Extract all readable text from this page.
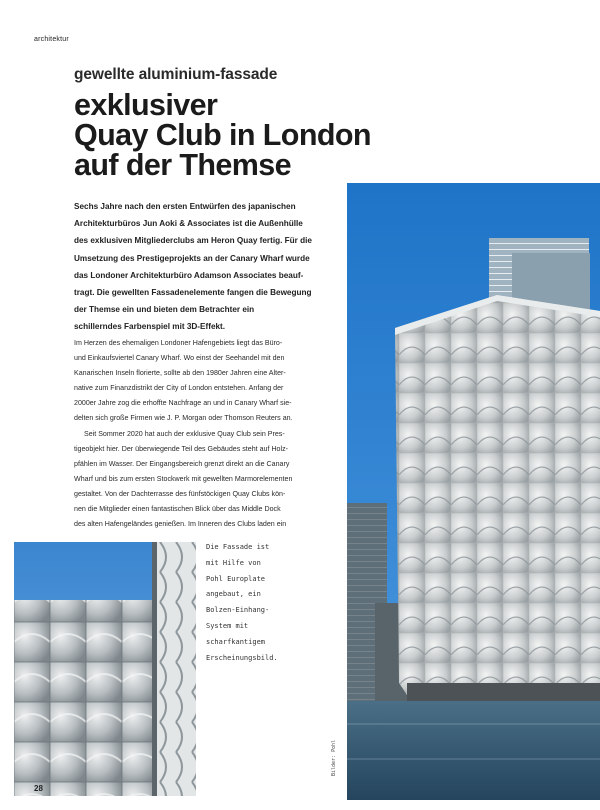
architektur
gewellte aluminium-fassade
exklusiver
Quay Club in London
auf der Themse

Sechs Jahre nach den ersten Entwürfen des japanischen
Architekturbüros Jun Aoki & Associates ist die Außenhülle
des exklusiven Mitgliederclubs am Heron Quay fertig. Für die
Umsetzung des Prestigeprojekts an der Canary Wharf wurde
das Londoner Architekturbüro Adamson Associates beauf-
tragt. Die gewellten Fassadenelemente fangen die Bewegung
der Themse ein und bieten dem Betrachter ein
schillerndes Farbenspiel mit 3D-Effekt.

Im Herzen des ehemaligen Londoner Hafengebiets liegt das Büro-
und Einkaufsviertel Canary Wharf. Wo einst der Seehandel mit den
Kanarischen Inseln florierte, sollte ab den 1980er Jahren eine Alter-
native zum Finanzdistrikt der City of London entstehen. Anfang der
2000er Jahre zog die erhoffte Nachfrage an und in Canary Wharf sie-
delten sich große Firmen wie J. P. Morgan oder Thomson Reuters an.
Seit Sommer 2020 hat auch der exklusive Quay Club sein Pres-
tigeobjekt hier. Der überwiegende Teil des Gebäudes steht auf Holz-
pfählen im Wasser. Der Eingangsbereich grenzt direkt an die Canary
Wharf und bis zum ersten Stockwerk mit gewellten Marmorelementen
gestaltet. Von der Dachterrasse des fünfstöckigen Quay Clubs kön-
nen die Mitglieder einen fantastischen Blick über das Middle Dock
des alten Hafengeländes genießen. Im Inneren des Clubs laden ein

Die Fassade ist
mit Hilfe von
Pohl Europlate
angebaut, ein
Bolzen-Einhang-
System mit
scharfkantigem
Erscheinungsbild.

28
Bilder: Pohl
